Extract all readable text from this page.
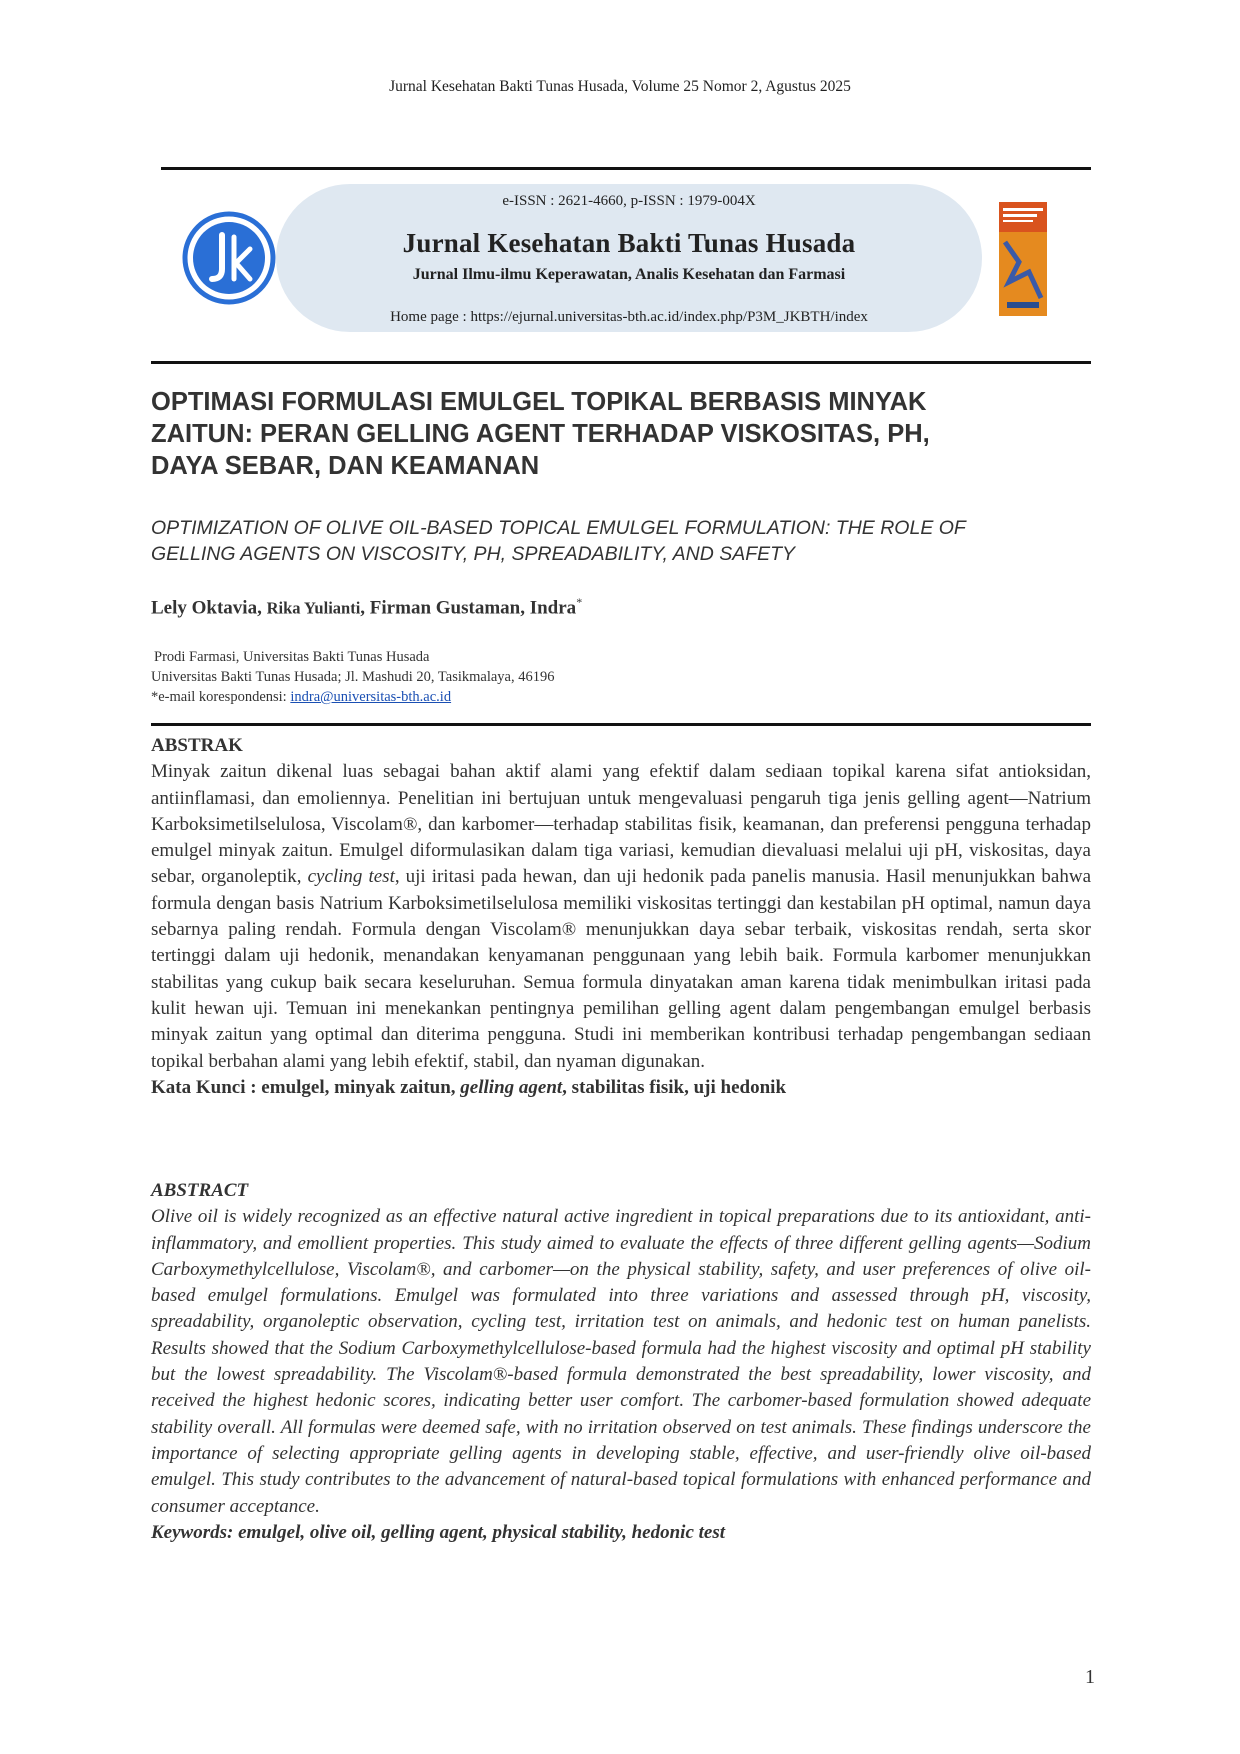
Jurnal Kesehatan Bakti Tunas Husada, Volume 25 Nomor 2, Agustus 2025
e-ISSN : 2621-4660, p-ISSN : 1979-004X
Jurnal Kesehatan Bakti Tunas Husada
Jurnal Ilmu-ilmu Keperawatan, Analis Kesehatan dan Farmasi
Home page : https://ejurnal.universitas-bth.ac.id/index.php/P3M_JKBTH/index
OPTIMASI FORMULASI EMULGEL TOPIKAL BERBASIS MINYAK
ZAITUN: PERAN GELLING AGENT TERHADAP VISKOSITAS, PH,
DAYA SEBAR, DAN KEAMANAN
OPTIMIZATION OF OLIVE OIL-BASED TOPICAL EMULGEL FORMULATION: THE ROLE OF
GELLING AGENTS ON VISCOSITY, PH, SPREADABILITY, AND SAFETY
Lely Oktavia, Rika Yulianti, Firman Gustaman, Indra*
Prodi Farmasi, Universitas Bakti Tunas Husada
Universitas Bakti Tunas Husada; Jl. Mashudi 20, Tasikmalaya, 46196
*e-mail korespondensi: indra@universitas-bth.ac.id
ABSTRAK

Minyak zaitun dikenal luas sebagai bahan aktif alami yang efektif dalam sediaan topikal karena sifat antioksidan, antiinflamasi, dan emoliennya. Penelitian ini bertujuan untuk mengevaluasi pengaruh tiga jenis gelling agent—Natrium Karboksimetilselulosa, Viscolam®, dan karbomer—terhadap stabilitas fisik, keamanan, dan preferensi pengguna terhadap emulgel minyak zaitun. Emulgel diformulasikan dalam tiga variasi, kemudian dievaluasi melalui uji pH, viskositas, daya sebar, organoleptik, cycling test, uji iritasi pada hewan, dan uji hedonik pada panelis manusia. Hasil menunjukkan bahwa formula dengan basis Natrium Karboksimetilselulosa memiliki viskositas tertinggi dan kestabilan pH optimal, namun daya sebarnya paling rendah. Formula dengan Viscolam® menunjukkan daya sebar terbaik, viskositas rendah, serta skor tertinggi dalam uji hedonik, menandakan kenyamanan penggunaan yang lebih baik. Formula karbomer menunjukkan stabilitas yang cukup baik secara keseluruhan. Semua formula dinyatakan aman karena tidak menimbulkan iritasi pada kulit hewan uji. Temuan ini menekankan pentingnya pemilihan gelling agent dalam pengembangan emulgel berbasis minyak zaitun yang optimal dan diterima pengguna. Studi ini memberikan kontribusi terhadap pengembangan sediaan topikal berbahan alami yang lebih efektif, stabil, dan nyaman digunakan.

Kata Kunci : emulgel, minyak zaitun, gelling agent, stabilitas fisik, uji hedonik
ABSTRACT

Olive oil is widely recognized as an effective natural active ingredient in topical preparations due to its antioxidant, anti-inflammatory, and emollient properties. This study aimed to evaluate the effects of three different gelling agents—Sodium Carboxymethylcellulose, Viscolam®, and carbomer—on the physical stability, safety, and user preferences of olive oil-based emulgel formulations. Emulgel was formulated into three variations and assessed through pH, viscosity, spreadability, organoleptic observation, cycling test, irritation test on animals, and hedonic test on human panelists. Results showed that the Sodium Carboxymethylcellulose-based formula had the highest viscosity and optimal pH stability but the lowest spreadability. The Viscolam®-based formula demonstrated the best spreadability, lower viscosity, and received the highest hedonic scores, indicating better user comfort. The carbomer-based formulation showed adequate stability overall. All formulas were deemed safe, with no irritation observed on test animals. These findings underscore the importance of selecting appropriate gelling agents in developing stable, effective, and user-friendly olive oil-based emulgel. This study contributes to the advancement of natural-based topical formulations with enhanced performance and consumer acceptance.

Keywords: emulgel, olive oil, gelling agent, physical stability, hedonic test
1
